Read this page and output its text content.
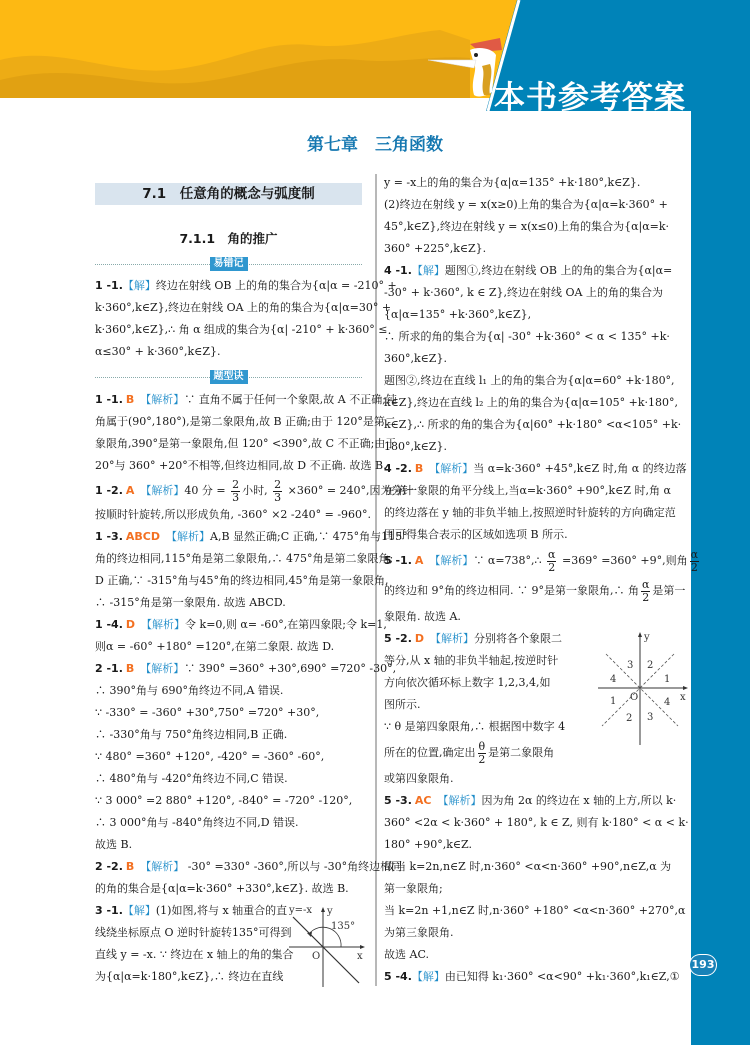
本书参考答案
第七章　三角函数
7.1　任意角的概念与弧度制
7.1.1　角的推广
易错记
题型诀
1 -1.【解】终边在射线 OB 上的角的集合为{α|α = -210° +
k·360°,k∈Z},终边在射线 OA 上的角的集合为{α|α=30° +
k·360°,k∈Z},∴ 角 α 组成的集合为{α| -210° + k·360° ≤
α≤30° + k·360°,k∈Z}.
1 -1. B 【解析】∵ 直角不属于任何一个象限,故 A 不正确;钝
角属于(90°,180°),是第二象限角,故 B 正确;由于 120°是第二
象限角,390°是第一象限角,但 120° <390°,故 C 不正确;由于
20°与 360° +20°不相等,但终边相同,故 D 不正确. 故选 B.
1 -2. A 【解析】40 分 = $\frac{2}{3}$ 小时, $\frac{2}{3} \times 360^\circ = 240^\circ$,因为分针
按顺时针旋转,所以形成负角, -360° ×2 -240° = -960°.
1 -3. ABCD 【解析】A,B 显然正确;C 正确,∵ 475°角与115°
角的终边相同,115°角是第二象限角,∴ 475°角是第二象限角;
D 正确,∵ -315°角与45°角的终边相同,45°角是第一象限角,
∴ -315°角是第一象限角. 故选 ABCD.
1 -4. D 【解析】令 k=0,则 α= -60°,在第四象限;令 k=1,
则α = -60° +180° =120°,在第二象限. 故选 D.
2 -1. B 【解析】∵ 390° =360° +30°,690° =720° -30°,
∴ 390°角与 690°角终边不同,A 错误.
∵ -330° = -360° +30°,750° =720° +30°,
∴ -330°角与 750°角终边相同,B 正确.
∵ 480° =360° +120°, -420° = -360° -60°,
∴ 480°角与 -420°角终边不同,C 错误.
∵ 3 000° =2 880° +120°, -840° = -720° -120°,
∴ 3 000°角与 -840°角终边不同,D 错误.
故选 B.
2 -2. B 【解析】 -30° =330° -360°,所以与 -30°角终边相同
的角的集合是{α|α=k·360° +330°,k∈Z}. 故选 B.
3 -1.【解】(1)如图,将与 x 轴重合的直
线绕坐标原点 O 逆时针旋转135°可得到
直线 y = -x. ∵ 终边在 x 轴上的角的集合
为{α|α=k·180°,k∈Z},∴ 终边在直线
y = -x上的角的集合为{α|α=135° +k·180°,k∈Z}.
(2)终边在射线 y = x(x≥0)上角的集合为{α|α=k·360° +
45°,k∈Z},终边在射线 y = x(x≤0)上角的集合为{α|α=k·
360° +225°,k∈Z}.
4 -1.【解】题图①,终边在射线 OB 上的角的集合为{α|α=
-30° + k·360°, k ∈ Z},终边在射线 OA 上的角的集合为
{α|α=135° +k·360°,k∈Z},
∴ 所求的角的集合为{α| -30° +k·360° < α < 135° +k·
360°,k∈Z}.
题图②,终边在直线 l₁ 上的角的集合为{α|α=60° +k·180°,
k∈Z},终边在直线 l₂ 上的角的集合为{α|α=105° +k·180°,
k∈Z},∴ 所求的角的集合为{α|60° +k·180° <α<105° +k·
180°,k∈Z}.
4 -2. B 【解析】当 α=k·360° +45°,k∈Z 时,角 α 的终边落
在第一象限的角平分线上,当α=k·360° +90°,k∈Z 时,角 α
的终边落在 y 轴的非负半轴上,按照逆时针旋转的方向确定范
围可得集合表示的区域如选项 B 所示.
5 -1. A 【解析】∵ α=738°,∴ $\frac{\alpha}{2} =369^\circ =360^\circ +9^\circ$,则角 $\frac{\alpha}{2}$
的终边和 9°角的终边相同. ∵ 9°是第一象限角,∴ 角 $\frac{\alpha}{2}$ 是第一
象限角. 故选 A.
5 -2. D 【解析】分别将各个象限二
等分,从 x 轴的非负半轴起,按逆时针
方向依次循环标上数字 1,2,3,4,如
图所示.
∵ θ 是第四象限角,∴ 根据图中数字 4
所在的位置,确定出 $\frac{\theta}{2}$ 是第二象限角
或第四象限角.
5 -3. AC 【解析】因为角 2α 的终边在 x 轴的上方,所以 k·
360° <2α < k·360° + 180°, k ∈ Z, 则有 k·180° < α < k·
180° +90°,k∈Z.
故当 k=2n,n∈Z 时,n·360° <α<n·360° +90°,n∈Z,α 为
第一象限角;
当 k=2n +1,n∈Z 时,n·360° +180° <α<n·360° +270°,α
为第三象限角.
故选 AC.
5 -4.【解】由已知得 k₁·360° <α<90° +k₁·360°,k₁∈Z,①
y=-x y
x
O
135°
y
x
O
1
2
3
4
1
2 3
4
193
